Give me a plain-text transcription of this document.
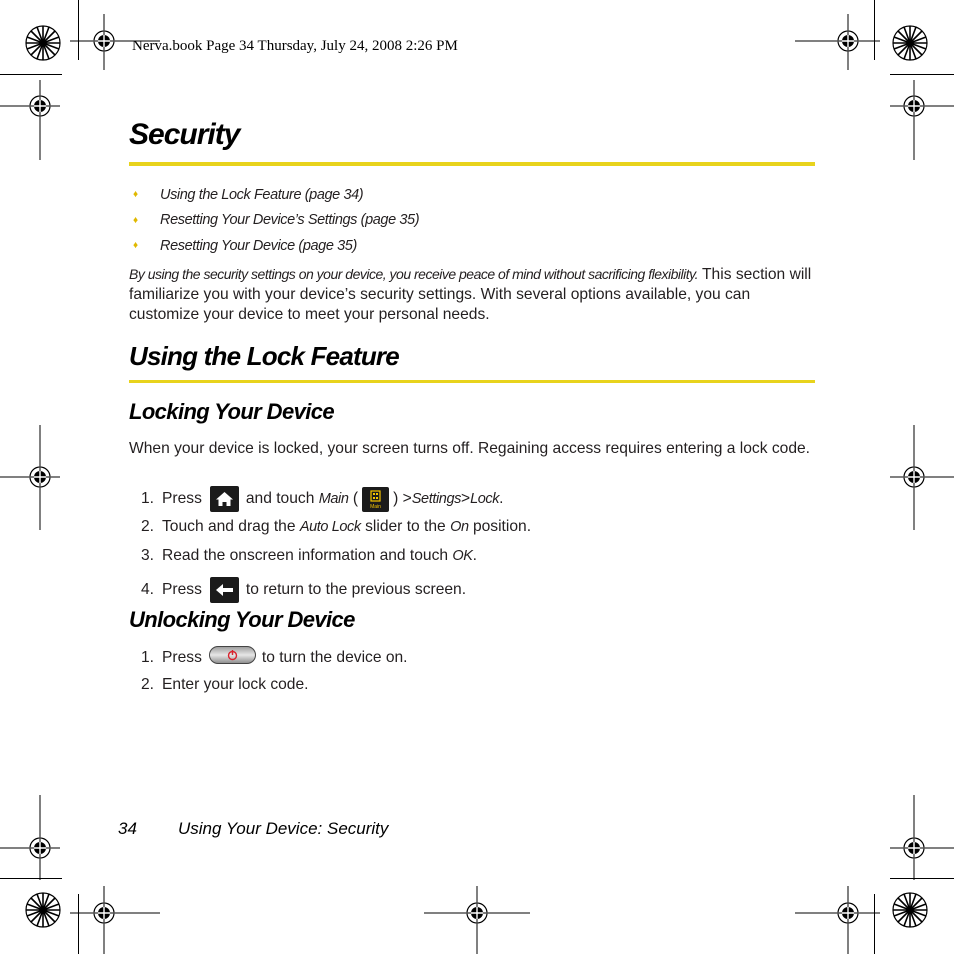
Nerva.book Page 34 Thursday, July 24, 2008 2:26 PM
Security
♦	Using the Lock Feature (page 34)
♦	Resetting Your Device’s Settings (page 35)
♦	Resetting Your Device (page 35)

By using the security settings on your device, you receive peace of mind without sacrificing flexibility. This section will familiarize you with your device’s security settings. With several options available, you can customize your device to meet your personal needs.

Using the Lock Feature
Locking Your Device

When your device is locked, your screen turns off. Regaining access requires entering a lock code.

1. Press	and touch
Main
( Main )
> Settings > Lock .
2. Touch and drag the
Auto Lock
slider to the
On
position.
3. Read the onscreen information and touch
OK .
4. Press	to return to the previous screen.
Unlocking Your Device
1. Press	to turn the device on.
2. Enter your lock code.
34 Using Your Device: Security
